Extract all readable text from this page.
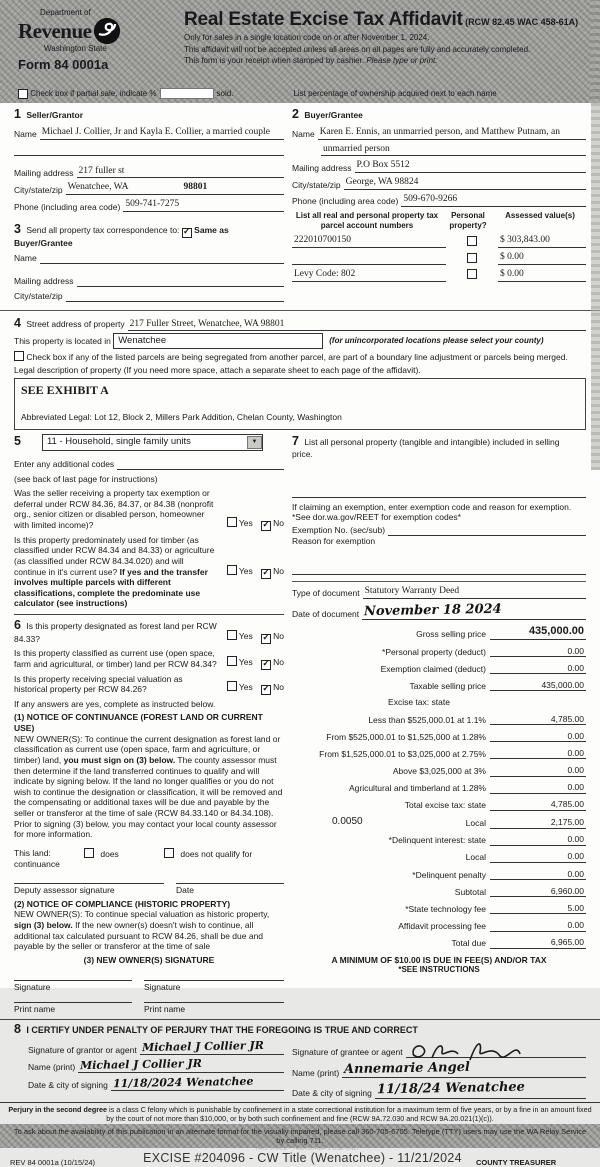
Department of
Revenue
Washington State
Form 84 0001a
Real Estate Excise Tax Affidavit (RCW 82.45 WAC 458-61A)
Only for sales in a single location code on or after November 1, 2024.
This affidavit will not be accepted unless all areas on all pages are fully and accurately completed.
This form is your receipt when stamped by cashier. Please type or print.

Check box if partial sale, indicate %	sold.	List percentage of ownership acquired next to each name
1 Seller/Grantor
Name Michael J. Collier, Jr and Kayla E. Collier, a married couple
Mailing address 217 fuller st
City/state/zip Wenatchee, WA	98801
Phone (including area code) 509-741-7275
3 Send all property tax correspondence to: ✓ Same as Buyer/Grantee
Name
Mailing address
City/state/zip
2 Buyer/Grantee
Name Karen E. Ennis, an unmarried person, and Matthew Putnam, an
unmarried person
Mailing address P.O Box 5512
City/state/zip George, WA 98824
Phone (including area code) 509-670-9266
List all real and personal property tax parcel account numbers
Personal property?
Assessed value(s)
222010700150	$ 303,843.00
$ 0.00
Levy Code: 802	$ 0.00
4 Street address of property 217 Fuller Street, Wenatchee, WA 98801
This property is located in
Wenatchee	(for unincorporated locations please select your county)
Check box if any of the listed parcels are being segregated from another parcel, are part of a boundary line adjustment or parcels being merged.
Legal description of property (If you need more space, attach a separate sheet to each page of the affidavit).
SEE EXHIBIT A
Abbreviated Legal: Lot 12, Block 2, Millers Park Addition, Chelan County, Washington
5	11 - Household, single family units	▼
Enter any additional codes
(see back of last page for instructions)
Was the seller receiving a property tax exemption or deferral under RCW 84.36, 84.37, or 84.38 (nonprofit org., senior citizen or disabled person, homeowner with limited income)?	Yes ✓ No
Is this property predominately used for timber (as classified under RCW 84.34 and 84.33) or agriculture (as classified under RCW 84.34.020) and will continue in it's current use? If yes and the transfer involves multiple parcels with different classifications, complete the predominate use calculator (see instructions)
Yes ✓ No
6 Is this property designated as forest land per RCW 84.33?	Yes ✓ No
Is this property classified as current use (open space, farm and agricultural, or timber) land per RCW 84.34?	Yes ✓ No
Is this property receiving special valuation as historical property per RCW 84.26?	Yes ✓ No
If any answers are yes, complete as instructed below.
(1) NOTICE OF CONTINUANCE (FOREST LAND OR CURRENT USE)
NEW OWNER(S): To continue the current designation as forest land or classification as current use (open space, farm and agriculture, or timber) land, you must sign on (3) below. The county assessor must then determine if the land transferred continues to qualify and will indicate by signing below. If the land no longer qualifies or you do not wish to continue the designation or classification, it will be removed and the compensating or additional taxes will be due and payable by the seller or transferor at the time of sale (RCW 84.33.140 or 84.34.108). Prior to signing (3) below, you may contact your local county assessor for more information.
This land:
continuance
does	does not qualify for
Deputy assessor signature	Date
(2) NOTICE OF COMPLIANCE (HISTORIC PROPERTY)
NEW OWNER(S): To continue special valuation as historic property, sign (3) below. If the new owner(s) doesn't wish to continue, all additional tax calculated pursuant to RCW 84.26, shall be due and payable by the seller or transferor at the time of sale
(3) NEW OWNER(S) SIGNATURE
Signature	Signature
Print name	Print name
7 List all personal property (tangible and intangible) included in selling price.
If claiming an exemption, enter exemption code and reason for exemption. *See dor.wa.gov/REET for exemption codes*
Exemption No. (sec/sub)
Reason for exemption
Type of document Statutory Warranty Deed
Date of document November 18 2024
Gross selling price	435,000.00
*Personal property (deduct)	0.00
Exemption claimed (deduct)	0.00
Taxable selling price	435,000.00
Excise tax: state
Less than $525,000.01 at 1.1%	4,785.00
From $525,000.01 to $1,525,000 at 1.28%	0.00
From $1,525,000.01 to $3,025,000 at 2.75%	0.00
Above $3,025,000 at 3%	0.00
Agricultural and timberland at 1.28%	0.00
Total excise tax: state	4,785.00
0.0050	Local	2,175.00
*Delinquent interest: state	0.00
Local	0.00
*Delinquent penalty	0.00
Subtotal	6,960.00
*State technology fee	5.00
Affidavit processing fee	0.00
Total due	6,965.00
A MINIMUM OF $10.00 IS DUE IN FEE(S) AND/OR TAX
*SEE INSTRUCTIONS
8 I CERTIFY UNDER PENALTY OF PERJURY THAT THE FOREGOING IS TRUE AND CORRECT
Signature of grantor or agent Michael J Collier JR
Name (print) Michael J Collier JR
Date & city of signing 11/18/2024 Wenatchee
Signature of grantee or agent
Name (print) Annemarie Angel
Date & city of signing 11/18/24 Wenatchee
Perjury in the second degree is a class C felony which is punishable by confinement in a state correctional institution for a maximum term of five years, or by a fine in an amount fixed by the court of not more than $10,000, or by both such confinement and fine (RCW 9A.72.030 and RCW 9A.20.021(1)(c)).
To ask about the availability of this publication in an alternate format for the visually impaired, please call 360-705-6705. Teletype (TTY) users may use the WA Relay Service by calling 711.
REV 84 0001a (10/15/24)
THIS SPACE - TREASURER'S USE ONLY
EXCISE #204096 - CW Title (Wenatchee) - 11/21/2024 COUNTY TREASURER
